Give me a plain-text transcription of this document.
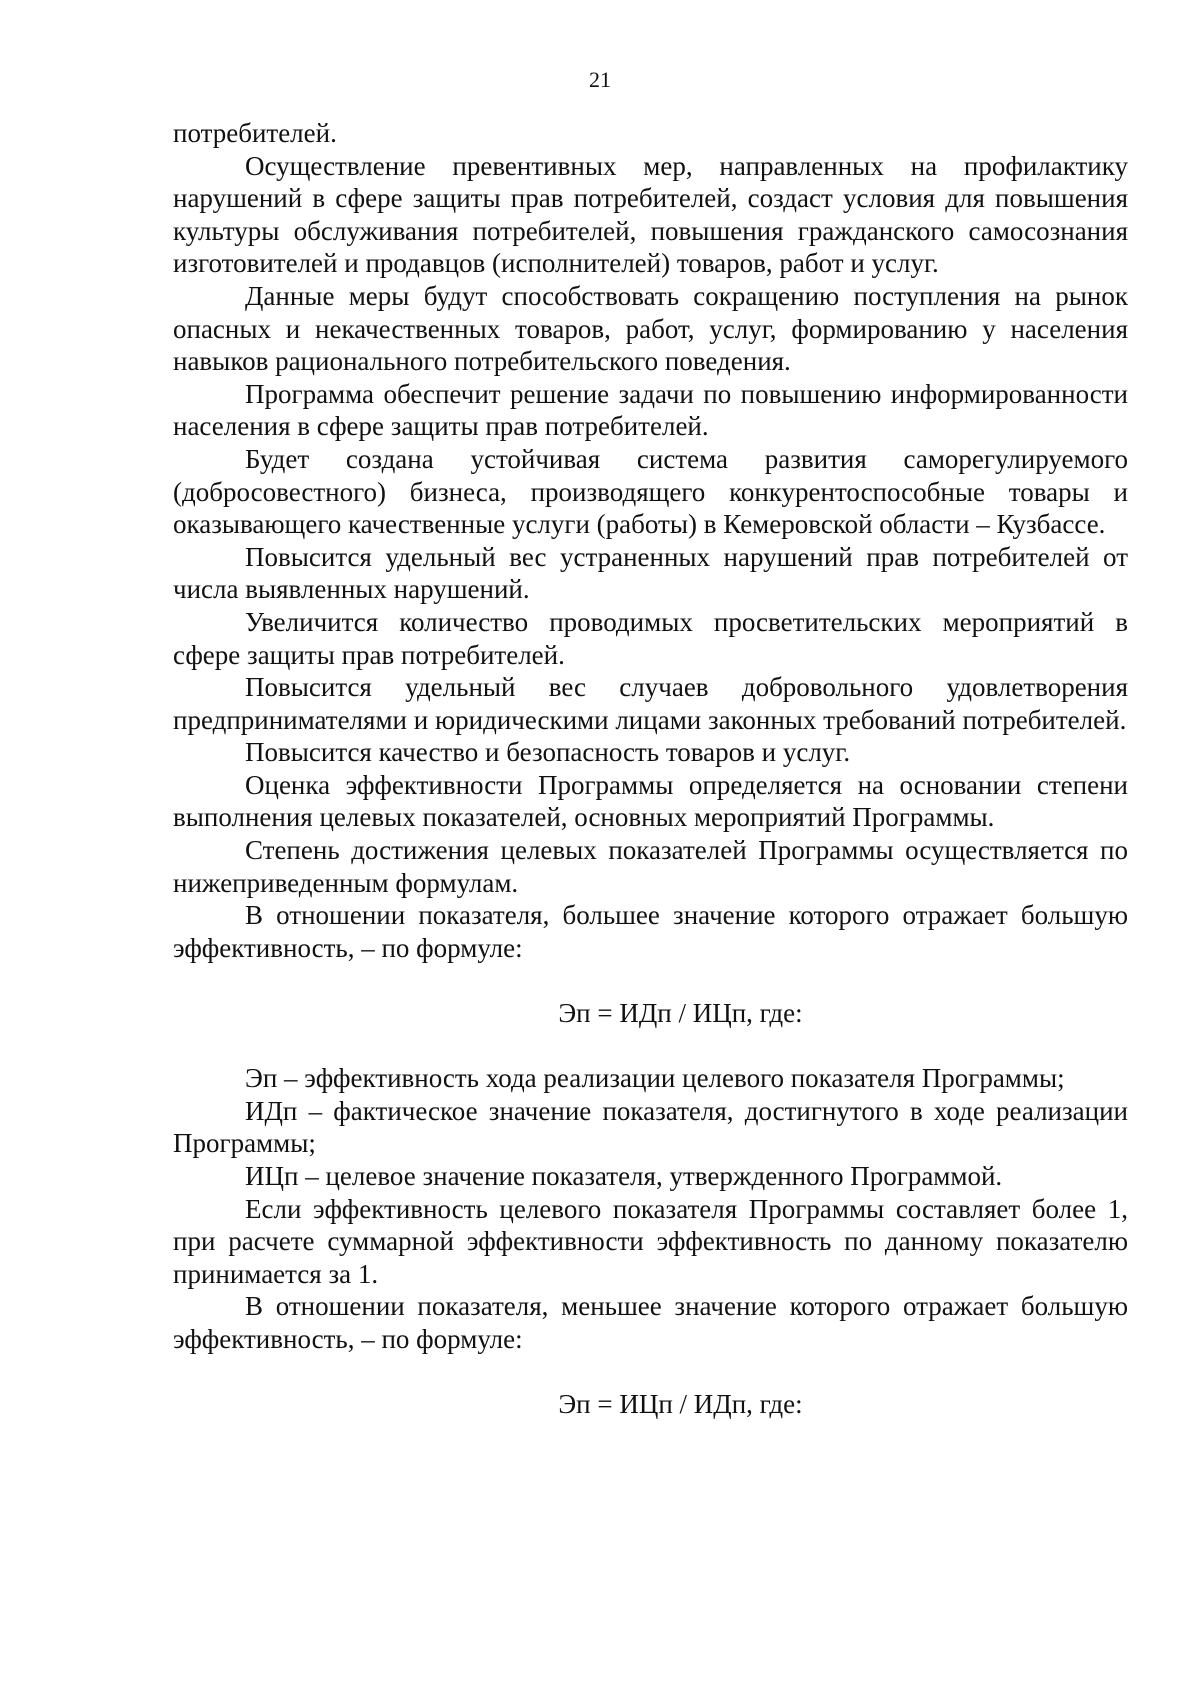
21

потребителей.

Осуществление превентивных мер, направленных на профилактику нарушений в сфере защиты прав потребителей, создаст условия для повышения культуры обслуживания потребителей, повышения гражданского самосознания изготовителей и продавцов (исполнителей) товаров, работ и услуг.

Данные меры будут способствовать сокращению поступления на рынок опасных и некачественных товаров, работ, услуг, формированию у населения навыков рационального потребительского поведения.

Программа обеспечит решение задачи по повышению информированности населения в сфере защиты прав потребителей.

Будет создана устойчивая система развития саморегулируемого (добросовестного) бизнеса, производящего конкурентоспособные товары и оказывающего качественные услуги (работы) в Кемеровской области – Кузбассе.

Повысится удельный вес устраненных нарушений прав потребителей от числа выявленных нарушений.

Увеличится количество проводимых просветительских мероприятий в сфере защиты прав потребителей.

Повысится удельный вес случаев добровольного удовлетворения предпринимателями и юридическими лицами законных требований потребителей.

Повысится качество и безопасность товаров и услуг.

Оценка эффективности Программы определяется на основании степени выполнения целевых показателей, основных мероприятий Программы.

Степень достижения целевых показателей Программы осуществляется по нижеприведенным формулам.

В отношении показателя, большее значение которого отражает большую эффективность, – по формуле:

Эп = ИДп / ИЦп, где:

Эп – эффективность хода реализации целевого показателя Программы;

ИДп – фактическое значение показателя, достигнутого в ходе реализации Программы;

ИЦп – целевое значение показателя, утвержденного Программой.

Если эффективность целевого показателя Программы составляет более 1, при расчете суммарной эффективности эффективность по данному показателю принимается за 1.

В отношении показателя, меньшее значение которого отражает большую эффективность, – по формуле:

Эп = ИЦп / ИДп, где:
